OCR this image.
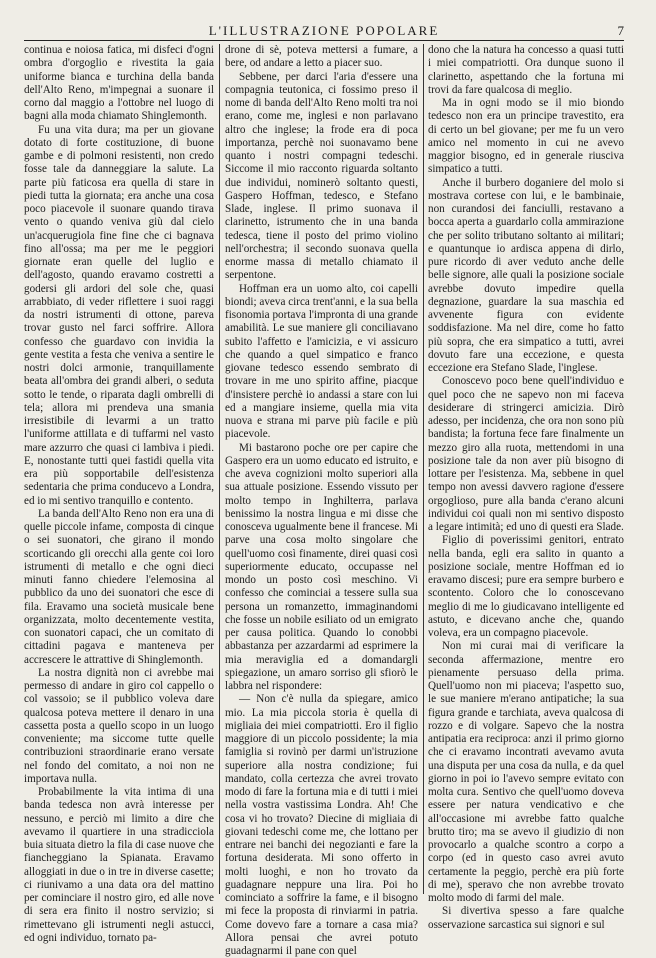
L'ILLUSTRAZIONE POPOLARE	7

continua e noiosa fatica, mi disfeci d'ogni ombra d'orgoglio e rivestita la gaia uniforme bianca e turchina della banda dell'Alto Reno, m'impegnai a suonare il corno dal maggio a l'ottobre nel luogo di bagni alla moda chiamato Shinglemonth.

Fu una vita dura; ma per un giovane dotato di forte costituzione, di buone gambe e di polmoni resistenti, non credo fosse tale da danneggiare la salute. La parte più faticosa era quella di stare in piedi tutta la giornata; era anche una cosa poco piacevole il suonare quando tirava vento o quando veniva giù dal cielo un'acquerugiola fine fine che ci bagnava fino all'ossa; ma per me le peggiori giornate eran quelle del luglio e dell'agosto, quando eravamo costretti a godersi gli ardori del sole che, quasi arrabbiato, di veder riflettere i suoi raggi da nostri istrumenti di ottone, pareva trovar gusto nel farci soffrire. Allora confesso che guardavo con invidia la gente vestita a festa che veniva a sentire le nostri dolci armonie, tranquillamente beata all'ombra dei grandi alberi, o seduta sotto le tende, o riparata dagli ombrelli di tela; allora mi prendeva una smania irresistibile di levarmi a un tratto l'uniforme attillata e di tuffarmi nel vasto mare azzurro che quasi ci lambiva i piedi. E, nonostante tutti quei fastidi quella vita era più sopportabile dell'esistenza sedentaria che prima conducevo a Londra, ed io mi sentivo tranquillo e contento.

La banda dell'Alto Reno non era una di quelle piccole infame, composta di cinque o sei suonatori, che girano il mondo scorticando gli orecchi alla gente coi loro istrumenti di metallo e che ogni dieci minuti fanno chiedere l'elemosina al pubblico da uno dei suonatori che esce di fila. Eravamo una società musicale bene organizzata, molto decentemente vestita, con suonatori capaci, che un comitato di cittadini pagava e manteneva per accrescere le attrattive di Shinglemonth.

La nostra dignità non ci avrebbe mai permesso di andare in giro col cappello o col vassoio; se il pubblico voleva dare qualcosa poteva mettere il denaro in una cassetta posta a quello scopo in un luogo conveniente; ma siccome tutte quelle contribuzioni straordinarie erano versate nel fondo del comitato, a noi non ne importava nulla.

Probabilmente la vita intima di una banda tedesca non avrà interesse per nessuno, e perciò mi limito a dire che avevamo il quartiere in una stradicciola buia situata dietro la fila di case nuove che fiancheggiano la Spianata. Eravamo alloggiati in due o in tre in diverse casette; ci riunivamo a una data ora del mattino per cominciare il nostro giro, ed alle nove di sera era finito il nostro servizio; si rimettevano gli istrumenti negli astucci, ed ogni individuo, tornato pa-

drone di sè, poteva mettersi a fumare, a bere, od andare a letto a piacer suo.

Sebbene, per darci l'aria d'essere una compagnia teutonica, ci fossimo preso il nome di banda dell'Alto Reno molti tra noi erano, come me, inglesi e non parlavano altro che inglese; la frode era di poca importanza, perchè noi suonavamo bene quanto i nostri compagni tedeschi. Siccome il mio racconto riguarda soltanto due individui, nominerò soltanto questi, Gaspero Hoffman, tedesco, e Stefano Slade, inglese. Il primo suonava il clarinetto, istrumento che in una banda tedesca, tiene il posto del primo violino nell'orchestra; il secondo suonava quella enorme massa di metallo chiamato il serpentone.

Hoffman era un uomo alto, coi capelli biondi; aveva circa trent'anni, e la sua bella fisonomia portava l'impronta di una grande amabilità. Le sue maniere gli conciliavano subito l'affetto e l'amicizia, e vi assicuro che quando a quel simpatico e franco giovane tedesco essendo sembrato di trovare in me uno spirito affine, piacque d'insistere perchè io andassi a stare con lui ed a mangiare insieme, quella mia vita nuova e strana mi parve più facile e più piacevole.

Mi bastarono poche ore per capire che Gaspero era un uomo educato ed istruito, e che aveva cognizioni molto superiori alla sua attuale posizione. Essendo vissuto per molto tempo in Inghilterra, parlava benissimo la nostra lingua e mi disse che conosceva ugualmente bene il francese. Mi parve una cosa molto singolare che quell'uomo così finamente, direi quasi così superiormente educato, occupasse nel mondo un posto così meschino. Vi confesso che cominciai a tessere sulla sua persona un romanzetto, immaginandomi che fosse un nobile esiliato od un emigrato per causa politica. Quando lo conobbi abbastanza per azzardarmi ad esprimere la mia meraviglia ed a domandargli spiegazione, un amaro sorriso gli sfiorò le labbra nel rispondere:

— Non c'è nulla da spiegare, amico mio. La mia piccola storia è quella di migliaia dei miei compatriotti. Ero il figlio maggiore di un piccolo possidente; la mia famiglia si rovinò per darmi un'istruzione superiore alla nostra condizione; fui mandato, colla certezza che avrei trovato modo di fare la fortuna mia e di tutti i miei nella vostra vastissima Londra. Ah! Che cosa vi ho trovato? Diecine di migliaia di giovani tedeschi come me, che lottano per entrare nei banchi dei negozianti e fare la fortuna desiderata. Mi sono offerto in molti luoghi, e non ho trovato da guadagnare neppure una lira. Poi ho cominciato a soffrire la fame, e il bisogno mi fece la proposta di rinviarmi in patria. Come dovevo fare a tornare a casa mia? Allora pensai che avrei potuto guadagnarmi il pane con quel

dono che la natura ha concesso a quasi tutti i miei compatriotti. Ora dunque suono il clarinetto, aspettando che la fortuna mi trovi da fare qualcosa di meglio.

Ma in ogni modo se il mio biondo tedesco non era un principe travestito, era di certo un bel giovane; per me fu un vero amico nel momento in cui ne avevo maggior bisogno, ed in generale riusciva simpatico a tutti.

Anche il burbero doganiere del molo si mostrava cortese con lui, e le bambinaie, non curandosi dei fanciulli, restavano a bocca aperta a guardarlo colla ammirazione che per solito tributano soltanto ai militari; e quantunque io ardisca appena di dirlo, pure ricordo di aver veduto anche delle belle signore, alle quali la posizione sociale avrebbe dovuto impedire quella degnazione, guardare la sua maschia ed avvenente figura con evidente soddisfazione. Ma nel dire, come ho fatto più sopra, che era simpatico a tutti, avrei dovuto fare una eccezione, e questa eccezione era Stefano Slade, l'inglese.

Conoscevo poco bene quell'individuo e quel poco che ne sapevo non mi faceva desiderare di stringerci amicizia. Dirò adesso, per incidenza, che ora non sono più bandista; la fortuna fece fare finalmente un mezzo giro alla ruota, mettendomi in una posizione tale da non aver più bisogno di lottare per l'esistenza. Ma, sebbene in quel tempo non avessi davvero ragione d'essere orgoglioso, pure alla banda c'erano alcuni individui coi quali non mi sentivo disposto a legare intimità; ed uno di questi era Slade.

Figlio di poverissimi genitori, entrato nella banda, egli era salito in quanto a posizione sociale, mentre Hoffman ed io eravamo discesi; pure era sempre burbero e scontento. Coloro che lo conoscevano meglio di me lo giudicavano intelligente ed astuto, e dicevano anche che, quando voleva, era un compagno piacevole.

Non mi curai mai di verificare la seconda affermazione, mentre ero pienamente persuaso della prima. Quell'uomo non mi piaceva; l'aspetto suo, le sue maniere m'erano antipatiche; la sua figura grande e tarchiata, aveva qualcosa di rozzo e di volgare. Sapevo che la nostra antipatia era reciproca: anzi il primo giorno che ci eravamo incontrati avevamo avuta una disputa per una cosa da nulla, e da quel giorno in poi io l'avevo sempre evitato con molta cura. Sentivo che quell'uomo doveva essere per natura vendicativo e che all'occasione mi avrebbe fatto qualche brutto tiro; ma se avevo il giudizio di non provocarlo a qualche scontro a corpo a corpo (ed in questo caso avrei avuto certamente la peggio, perchè era più forte di me), speravo che non avrebbe trovato molto modo di farmi del male.

Si divertiva spesso a fare qualche osservazione sarcastica sui signori e sul
